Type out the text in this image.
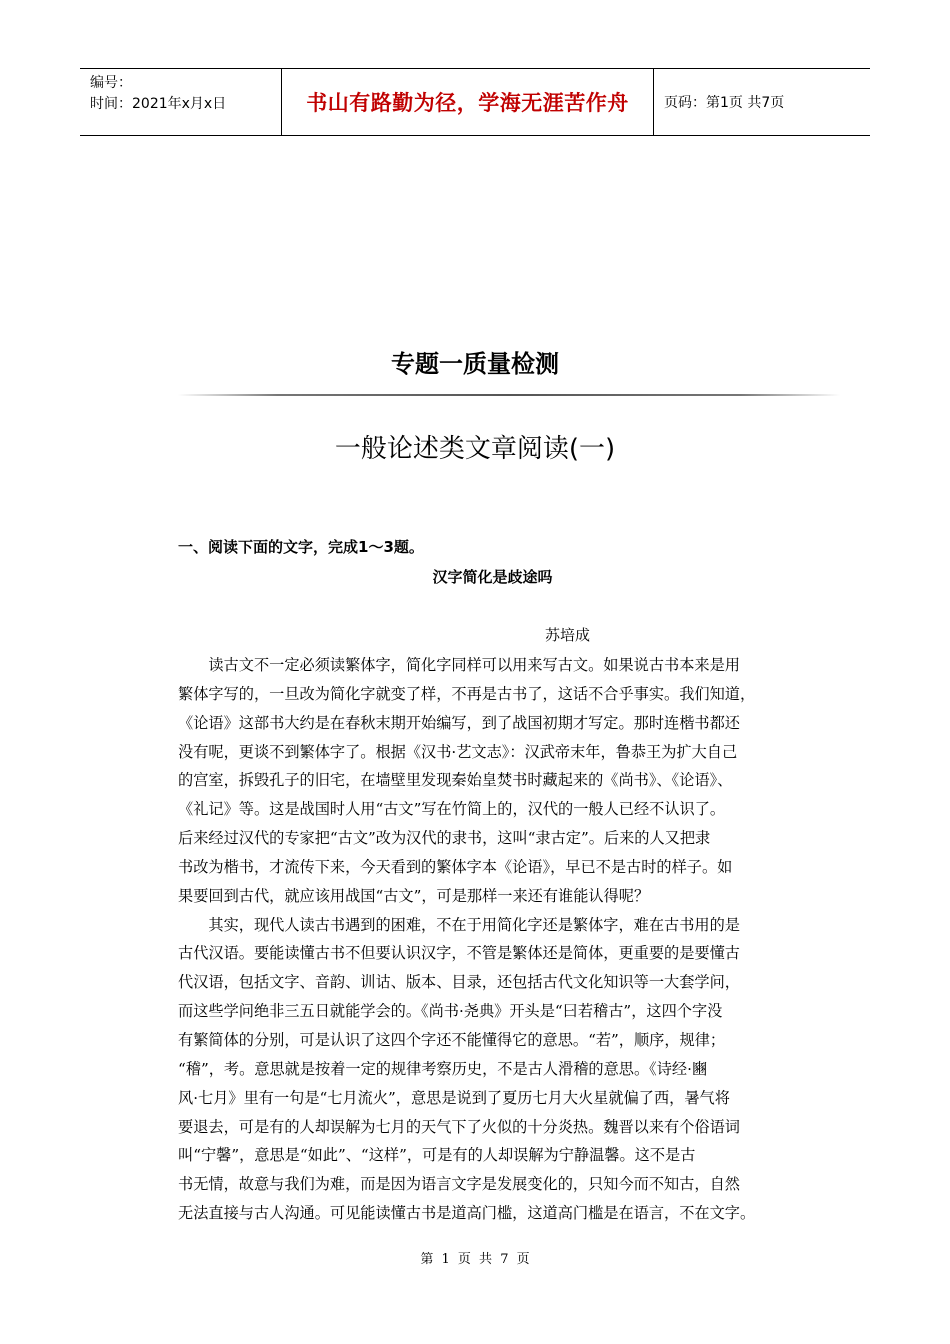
编号：
时间：2021年x月x日	书山有路勤为径，学海无涯苦作舟	页码：第1页 共7页
专题一质量检测
一般论述类文章阅读(一)
一、阅读下面的文字，完成1～3题。
汉字简化是歧途吗
苏培成
　　读古文不一定必须读繁体字，简化字同样可以用来写古文。如果说古书本来是用
繁体字写的，一旦改为简化字就变了样，不再是古书了，这话不合乎事实。我们知道，
《论语》这部书大约是在春秋末期开始编写，到了战国初期才写定。那时连楷书都还
没有呢，更谈不到繁体字了。根据《汉书·艺文志》：汉武帝末年，鲁恭王为扩大自己
的宫室，拆毁孔子的旧宅，在墙壁里发现秦始皇焚书时藏起来的《尚书》、《论语》、
《礼记》等。这是战国时人用“古文”写在竹简上的，汉代的一般人已经不认识了。
后来经过汉代的专家把“古文”改为汉代的隶书，这叫“隶古定”。后来的人又把隶
书改为楷书，才流传下来，今天看到的繁体字本《论语》，早已不是古时的样子。如
果要回到古代，就应该用战国“古文”，可是那样一来还有谁能认得呢？
　　其实，现代人读古书遇到的困难，不在于用简化字还是繁体字，难在古书用的是
古代汉语。要能读懂古书不但要认识汉字，不管是繁体还是简体，更重要的是要懂古
代汉语，包括文字、音韵、训诂、版本、目录，还包括古代文化知识等一大套学问，
而这些学问绝非三五日就能学会的。《尚书·尧典》开头是“曰若稽古”，这四个字没
有繁简体的分别，可是认识了这四个字还不能懂得它的意思。“若”，顺序，规律；
“稽”，考。意思就是按着一定的规律考察历史，不是古人滑稽的意思。《诗经·豳
风·七月》里有一句是“七月流火”，意思是说到了夏历七月大火星就偏了西，暑气将
要退去，可是有的人却误解为七月的天气下了火似的十分炎热。魏晋以来有个俗语词
叫“宁馨”，意思是“如此”、“这样”，可是有的人却误解为宁静温馨。这不是古
书无情，故意与我们为难，而是因为语言文字是发展变化的，只知今而不知古，自然
无法直接与古人沟通。可见能读懂古书是道高门槛，这道高门槛是在语言，不在文字。
第 1 页 共 7 页
